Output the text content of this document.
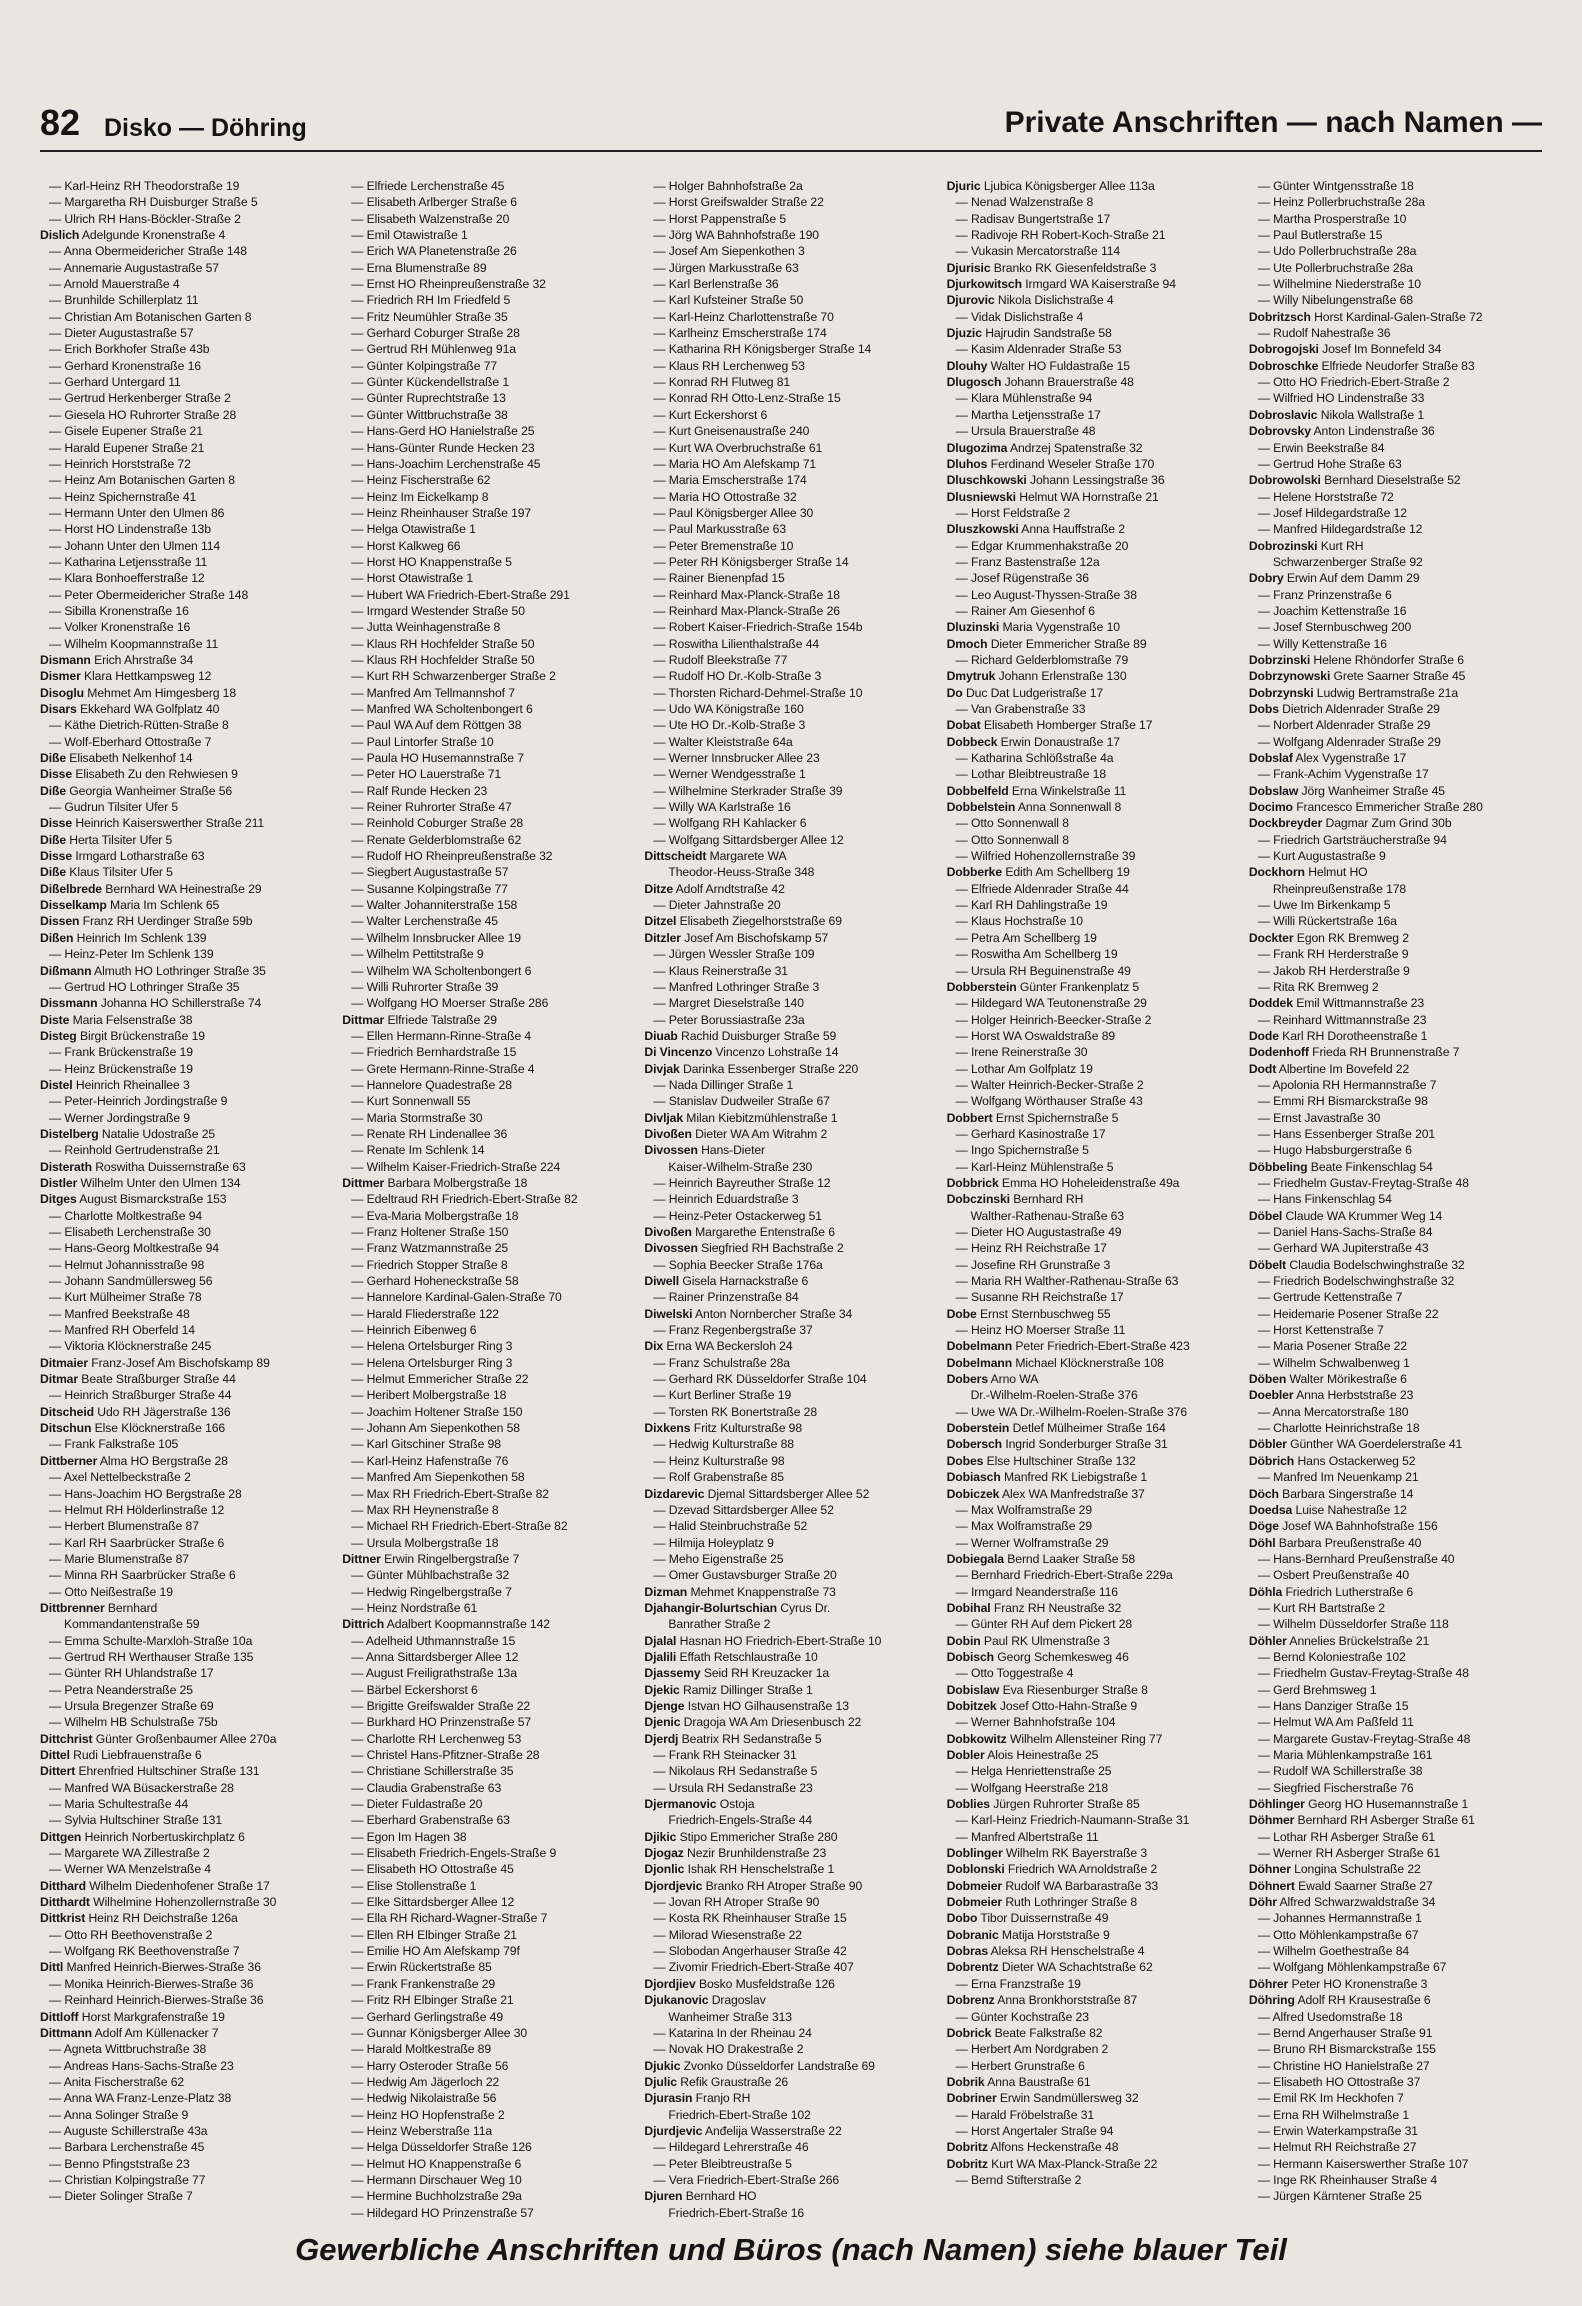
82 Disko — Döhring	Private Anschriften — nach Namen —
— Karl-Heinz RH Theodorstraße 19
— Margaretha RH Duisburger Straße 5
— Ulrich RH Hans-Böckler-Straße 2
Dislich Adelgunde Kronenstraße 4
— Anna Obermeidericher Straße 148
— Annemarie Augustastraße 57
— Arnold Mauerstraße 4
— Brunhilde Schillerplatz 11
— Christian Am Botanischen Garten 8
— Dieter Augustastraße 57
— Erich Borkhofer Straße 43b
— Gerhard Kronenstraße 16
— Gerhard Untergard 11
— Gertrud Herkenberger Straße 2
— Giesela HO Ruhrorter Straße 28
— Gisele Eupener Straße 21
— Harald Eupener Straße 21
— Heinrich Horststraße 72
— Heinz Am Botanischen Garten 8
— Heinz Spichernstraße 41
— Hermann Unter den Ulmen 86
— Horst HO Lindenstraße 13b
— Johann Unter den Ulmen 114
— Katharina Letjensstraße 11
— Klara Bonhoefferstraße 12
— Peter Obermeidericher Straße 148
— Sibilla Kronenstraße 16
— Volker Kronenstraße 16
— Wilhelm Koopmannstraße 11
Dismann Erich Ahrstraße 34
Dismer Klara Hettkampsweg 12
Disoglu Mehmet Am Himgesberg 18
Disars Ekkehard WA Golfplatz 40
— Käthe Dietrich-Rütten-Straße 8
— Wolf-Eberhard Ottostraße 7
Diße Elisabeth Nelkenhof 14
Disse Elisabeth Zu den Rehwiesen 9
Diße Georgia Wanheimer Straße 56
— Gudrun Tilsiter Ufer 5
Disse Heinrich Kaiserswerther Straße 211
Diße Herta Tilsiter Ufer 5
Disse Irmgard Lotharstraße 63
Diße Klaus Tilsiter Ufer 5
Dißelbrede Bernhard WA Heinestraße 29
Disselkamp Maria Im Schlenk 65
Dissen Franz RH Uerdinger Straße 59b
Dißen Heinrich Im Schlenk 139
— Heinz-Peter Im Schlenk 139
Dißmann Almuth HO Lothringer Straße 35
— Gertrud HO Lothringer Straße 35
Dissmann Johanna HO Schillerstraße 74
Diste Maria Felsenstraße 38
Disteg Birgit Brückenstraße 19
— Frank Brückenstraße 19
— Heinz Brückenstraße 19
Distel Heinrich Rheinallee 3
— Peter-Heinrich Jordingstraße 9
— Werner Jordingstraße 9
Distelberg Natalie Udostraße 25
— Reinhold Gertrudenstraße 21
Disterath Roswitha Duissernstraße 63
Distler Wilhelm Unter den Ulmen 134
Ditges August Bismarckstraße 153
— Charlotte Moltkestraße 94
— Elisabeth Lerchenstraße 30
— Hans-Georg Moltkestraße 94
— Helmut Johannisstraße 98
— Johann Sandmüllersweg 56
— Kurt Mülheimer Straße 78
— Manfred Beekstraße 48
— Manfred RH Oberfeld 14
— Viktoria Klöcknerstraße 245
Ditmaier Franz-Josef Am Bischofskamp 89
Ditmar Beate Straßburger Straße 44
— Heinrich Straßburger Straße 44
Ditscheid Udo RH Jägerstraße 136
Ditschun Else Klöcknerstraße 166
— Frank Falkstraße 105
Dittberner Alma HO Bergstraße 28
— Axel Nettelbeckstraße 2
— Hans-Joachim HO Bergstraße 28
— Helmut RH Hölderlinstraße 12
— Herbert Blumenstraße 87
— Karl RH Saarbrücker Straße 6
— Marie Blumenstraße 87
— Minna RH Saarbrücker Straße 6
— Otto Neißestraße 19
Dittbrenner Bernhard
Kommandantenstraße 59
— Emma Schulte-Marxloh-Straße 10a
— Gertrud RH Werthauser Straße 135
— Günter RH Uhlandstraße 17
— Petra Neanderstraße 25
— Ursula Bregenzer Straße 69
— Wilhelm HB Schulstraße 75b
Dittchrist Günter Großenbaumer Allee 270a
Dittel Rudi Liebfrauenstraße 6
Dittert Ehrenfried Hultschiner Straße 131
— Manfred WA Büsackerstraße 28
— Maria Schultestraße 44
— Sylvia Hultschiner Straße 131
Dittgen Heinrich Norbertuskirchplatz 6
— Margarete WA Zillestraße 2
— Werner WA Menzelstraße 4
Ditthard Wilhelm Diedenhofener Straße 17
Ditthardt Wilhelmine Hohenzollernstraße 30
Dittkrist Heinz RH Deichstraße 126a
— Otto RH Beethovenstraße 2
— Wolfgang RK Beethovenstraße 7
Dittl Manfred Heinrich-Bierwes-Straße 36
— Monika Heinrich-Bierwes-Straße 36
— Reinhard Heinrich-Bierwes-Straße 36
Dittloff Horst Markgrafenstraße 19
Dittmann Adolf Am Küllenacker 7
— Agneta Wittbruchstraße 38
— Andreas Hans-Sachs-Straße 23
— Anita Fischerstraße 62
— Anna WA Franz-Lenze-Platz 38
— Anna Solinger Straße 9
— Auguste Schillerstraße 43a
— Barbara Lerchenstraße 45
— Benno Pfingststraße 23
— Christian Kolpingstraße 77
— Dieter Solinger Straße 7
— Elfriede Lerchenstraße 45
— Elisabeth Arlberger Straße 6
— Elisabeth Walzenstraße 20
— Emil Otawistraße 1
— Erich WA Planetenstraße 26
— Erna Blumenstraße 89
— Ernst HO Rheinpreußenstraße 32
— Friedrich RH Im Friedfeld 5
— Fritz Neumühler Straße 35
— Gerhard Coburger Straße 28
— Gertrud RH Mühlenweg 91a
— Günter Kolpingstraße 77
— Günter Kückendellstraße 1
— Günter Ruprechtstraße 13
— Günter Wittbruchstraße 38
— Hans-Gerd HO Hanielstraße 25
— Hans-Günter Runde Hecken 23
— Hans-Joachim Lerchenstraße 45
— Heinz Fischerstraße 62
— Heinz Im Eickelkamp 8
— Heinz Rheinhauser Straße 197
— Helga Otawistraße 1
— Horst Kalkweg 66
— Horst HO Knappenstraße 5
— Horst Otawistraße 1
— Hubert WA Friedrich-Ebert-Straße 291
— Irmgard Westender Straße 50
— Jutta Weinhagenstraße 8
— Klaus RH Hochfelder Straße 50
— Klaus RH Hochfelder Straße 50
— Kurt RH Schwarzenberger Straße 2
— Manfred Am Tellmannshof 7
— Manfred WA Scholtenbongert 6
— Paul WA Auf dem Röttgen 38
— Paul Lintorfer Straße 10
— Paula HO Husemannstraße 7
— Peter HO Lauerstraße 71
— Ralf Runde Hecken 23
— Reiner Ruhrorter Straße 47
— Reinhold Coburger Straße 28
— Renate Gelderblomstraße 62
— Rudolf HO Rheinpreußenstraße 32
— Siegbert Augustastraße 57
— Susanne Kolpingstraße 77
— Walter Johanniterstraße 158
— Walter Lerchenstraße 45
— Wilhelm Innsbrucker Allee 19
— Wilhelm Pettitstraße 9
— Wilhelm WA Scholtenbongert 6
— Willi Ruhrorter Straße 39
— Wolfgang HO Moerser Straße 286
Dittmar Elfriede Talstraße 29
— Ellen Hermann-Rinne-Straße 4
— Friedrich Bernhardstraße 15
— Grete Hermann-Rinne-Straße 4
— Hannelore Quadestraße 28
— Kurt Sonnenwall 55
— Maria Stormstraße 30
— Renate RH Lindenallee 36
— Renate Im Schlenk 14
— Wilhelm Kaiser-Friedrich-Straße 224
Dittmer Barbara Molbergstraße 18
— Edeltraud RH Friedrich-Ebert-Straße 82
— Eva-Maria Molbergstraße 18
— Franz Holtener Straße 150
— Franz Watzmannstraße 25
— Friedrich Stopper Straße 8
— Gerhard Hoheneckstraße 58
— Hannelore Kardinal-Galen-Straße 70
— Harald Fliederstraße 122
— Heinrich Eibenweg 6
— Helena Ortelsburger Ring 3
— Helena Ortelsburger Ring 3
— Helmut Emmericher Straße 22
— Heribert Molbergstraße 18
— Joachim Holtener Straße 150
— Johann Am Siepenkothen 58
— Karl Gitschiner Straße 98
— Karl-Heinz Hafenstraße 76
— Manfred Am Siepenkothen 58
— Max RH Friedrich-Ebert-Straße 82
— Max RH Heynenstraße 8
— Michael RH Friedrich-Ebert-Straße 82
— Ursula Molbergstraße 18
Dittner Erwin Ringelbergstraße 7
— Günter Mühlbachstraße 32
— Hedwig Ringelbergstraße 7
— Heinz Nordstraße 61
Dittrich Adalbert Koopmannstraße 142
— Adelheid Uthmannstraße 15
— Anna Sittardsberger Allee 12
— August Freiligrathstraße 13a
— Bärbel Eckershorst 6
— Brigitte Greifswalder Straße 22
— Burkhard HO Prinzenstraße 57
— Charlotte RH Lerchenweg 53
— Christel Hans-Pfitzner-Straße 28
— Christiane Schillerstraße 35
— Claudia Grabenstraße 63
— Dieter Fuldastraße 20
— Eberhard Grabenstraße 63
— Egon Im Hagen 38
— Elisabeth Friedrich-Engels-Straße 9
— Elisabeth HO Ottostraße 45
— Elise Stollenstraße 1
— Elke Sittardsberger Allee 12
— Ella RH Richard-Wagner-Straße 7
— Ellen RH Elbinger Straße 21
— Emilie HO Am Alefskamp 79f
— Erwin Rückertstraße 85
— Frank Frankenstraße 29
— Fritz RH Elbinger Straße 21
— Gerhard Gerlingstraße 49
— Gunnar Königsberger Allee 30
— Harald Moltkestraße 89
— Harry Osteroder Straße 56
— Hedwig Am Jägerloch 22
— Hedwig Nikolaistraße 56
— Heinz HO Hopfenstraße 2
— Heinz Weberstraße 11a
— Helga Düsseldorfer Straße 126
— Helmut HO Knappenstraße 6
— Hermann Dirschauer Weg 10
— Hermine Buchholzstraße 29a
— Hildegard HO Prinzenstraße 57
— Holger Bahnhofstraße 2a
— Horst Greifswalder Straße 22
— Horst Pappenstraße 5
— Jörg WA Bahnhofstraße 190
— Josef Am Siepenkothen 3
— Jürgen Markusstraße 63
— Karl Berlenstraße 36
— Karl Kufsteiner Straße 50
— Karl-Heinz Charlottenstraße 70
— Karlheinz Emscherstraße 174
— Katharina RH Königsberger Straße 14
— Klaus RH Lerchenweg 53
— Konrad RH Flutweg 81
— Konrad RH Otto-Lenz-Straße 15
— Kurt Eckershorst 6
— Kurt Gneisenaustraße 240
— Kurt WA Overbruchstraße 61
— Maria HO Am Alefskamp 71
— Maria Emscherstraße 174
— Maria HO Ottostraße 32
— Paul Königsberger Allee 30
— Paul Markusstraße 63
— Peter Bremenstraße 10
— Peter RH Königsberger Straße 14
— Rainer Bienenpfad 15
— Reinhard Max-Planck-Straße 18
— Reinhard Max-Planck-Straße 26
— Robert Kaiser-Friedrich-Straße 154b
— Roswitha Lilienthalstraße 44
— Rudolf Bleekstraße 77
— Rudolf HO Dr.-Kolb-Straße 3
— Thorsten Richard-Dehmel-Straße 10
— Udo WA Königstraße 160
— Ute HO Dr.-Kolb-Straße 3
— Walter Kleiststraße 64a
— Werner Innsbrucker Allee 23
— Werner Wendgesstraße 1
— Wilhelmine Sterkrader Straße 39
— Willy WA Karlstraße 16
— Wolfgang RH Kahlacker 6
— Wolfgang Sittardsberger Allee 12
Dittscheidt Margarete WA
Theodor-Heuss-Straße 348
Ditze Adolf Arndtstraße 42
— Dieter Jahnstraße 20
Ditzel Elisabeth Ziegelhorststraße 69
Ditzler Josef Am Bischofskamp 57
— Jürgen Wessler Straße 109
— Klaus Reinerstraße 31
— Manfred Lothringer Straße 3
— Margret Dieselstraße 140
— Peter Borussiastraße 23a
Diuab Rachid Duisburger Straße 59
Di Vincenzo Vincenzo Lohstraße 14
Divjak Darinka Essenberger Straße 220
— Nada Dillinger Straße 1
— Stanislav Dudweiler Straße 67
Divljak Milan Kiebitzmühlenstraße 1
Divoßen Dieter WA Am Witrahm 2
Divossen Hans-Dieter
Kaiser-Wilhelm-Straße 230
— Heinrich Bayreuther Straße 12
— Heinrich Eduardstraße 3
— Heinz-Peter Ostackerweg 51
Divoßen Margarethe Entenstraße 6
Divossen Siegfried RH Bachstraße 2
— Sophia Beecker Straße 176a
Diwell Gisela Harnackstraße 6
— Rainer Prinzenstraße 84
Diwelski Anton Nornbercher Straße 34
— Franz Regenbergstraße 37
Dix Erna WA Beckersloh 24
— Franz Schulstraße 28a
— Gerhard RK Düsseldorfer Straße 104
— Kurt Berliner Straße 19
— Torsten RK Bonertstraße 28
Dixkens Fritz Kulturstraße 98
— Hedwig Kulturstraße 88
— Heinz Kulturstraße 98
— Rolf Grabenstraße 85
Dizdarevic Djemal Sittardsberger Allee 52
— Dzevad Sittardsberger Allee 52
— Halid Steinbruchstraße 52
— Hilmija Holeyplatz 9
— Meho Eigenstraße 25
— Omer Gustavsburger Straße 20
Dizman Mehmet Knappenstraße 73
Djahangir-Bolurtschian Cyrus Dr.
Banrather Straße 2
Djalal Hasnan HO Friedrich-Ebert-Straße 10
Djalili Effath Retschlaustraße 10
Djassemy Seid RH Kreuzacker 1a
Djekic Ramiz Dillinger Straße 1
Djenge Istvan HO Gilhausenstraße 13
Djenic Dragoja WA Am Driesenbusch 22
Djerdj Beatrix RH Sedanstraße 5
— Frank RH Steinacker 31
— Nikolaus RH Sedanstraße 5
— Ursula RH Sedanstraße 23
Djermanovic Ostoja
Friedrich-Engels-Straße 44
Djikic Stipo Emmericher Straße 280
Djogaz Nezir Brunhildenstraße 23
Djonlic Ishak RH Henschelstraße 1
Djordjevic Branko RH Atroper Straße 90
— Jovan RH Atroper Straße 90
— Kosta RK Rheinhauser Straße 15
— Milorad Wiesenstraße 22
— Slobodan Angerhauser Straße 42
— Zivomir Friedrich-Ebert-Straße 407
Djordjiev Bosko Musfeldstraße 126
Djukanovic Dragoslav
Wanheimer Straße 313
— Katarina In der Rheinau 24
— Novak HO Drakestraße 2
Djukic Zvonko Düsseldorfer Landstraße 69
Djulic Refik Graustraße 26
Djurasin Franjo RH
Friedrich-Ebert-Straße 102
Djurdjevic Anđelija Wasserstraße 22
— Hildegard Lehrerstraße 46
— Peter Bleibtreustraße 5
— Vera Friedrich-Ebert-Straße 266
Djuren Bernhard HO
Friedrich-Ebert-Straße 16
Djuric Ljubica Königsberger Allee 113a
— Nenad Walzenstraße 8
— Radisav Bungertstraße 17
— Radivoje RH Robert-Koch-Straße 21
— Vukasin Mercatorstraße 114
Djurisic Branko RK Giesenfeldstraße 3
Djurkowitsch Irmgard WA Kaiserstraße 94
Djurovic Nikola Dislichstraße 4
— Vidak Dislichstraße 4
Djuzic Hajrudin Sandstraße 58
— Kasim Aldenrader Straße 53
Dlouhy Walter HO Fuldastraße 15
Dlugosch Johann Brauerstraße 48
— Klara Mühlenstraße 94
— Martha Letjensstraße 17
— Ursula Brauerstraße 48
Dlugozima Andrzej Spatenstraße 32
Dluhos Ferdinand Weseler Straße 170
Dluschkowski Johann Lessingstraße 36
Dlusniewski Helmut WA Hornstraße 21
— Horst Feldstraße 2
Dluszkowski Anna Hauffstraße 2
— Edgar Krummenhakstraße 20
— Franz Bastenstraße 12a
— Josef Rügenstraße 36
— Leo August-Thyssen-Straße 38
— Rainer Am Giesenhof 6
Dluzinski Maria Vygenstraße 10
Dmoch Dieter Emmericher Straße 89
— Richard Gelderblomstraße 79
Dmytruk Johann Erlenstraße 130
Do Duc Dat Ludgeristraße 17
— Van Grabenstraße 33
Dobat Elisabeth Homberger Straße 17
Dobbeck Erwin Donaustraße 17
— Katharina Schlößstraße 4a
— Lothar Bleibtreustraße 18
Dobbelfeld Erna Winkelstraße 11
Dobbelstein Anna Sonnenwall 8
— Otto Sonnenwall 8
— Otto Sonnenwall 8
— Wilfried Hohenzollernstraße 39
Dobberke Edith Am Schellberg 19
— Elfriede Aldenrader Straße 44
— Karl RH Dahlingstraße 19
— Klaus Hochstraße 10
— Petra Am Schellberg 19
— Roswitha Am Schellberg 19
— Ursula RH Beguinenstraße 49
Dobberstein Günter Frankenplatz 5
— Hildegard WA Teutonenstraße 29
— Holger Heinrich-Beecker-Straße 2
— Horst WA Oswaldstraße 89
— Irene Reinerstraße 30
— Lothar Am Golfplatz 19
— Walter Heinrich-Becker-Straße 2
— Wolfgang Wörthauser Straße 43
Dobbert Ernst Spichernstraße 5
— Gerhard Kasinostraße 17
— Ingo Spichernstraße 5
— Karl-Heinz Mühlenstraße 5
Dobbrick Emma HO Hoheleidenstraße 49a
Dobczinski Bernhard RH
Walther-Rathenau-Straße 63
— Dieter HO Augustastraße 49
— Heinz RH Reichstraße 17
— Josefine RH Grunstraße 3
— Maria RH Walther-Rathenau-Straße 63
— Susanne RH Reichstraße 17
Dobe Ernst Sternbuschweg 55
— Heinz HO Moerser Straße 11
Dobelmann Peter Friedrich-Ebert-Straße 423
Dobelmann Michael Klöcknerstraße 108
Dobers Arno WA
Dr.-Wilhelm-Roelen-Straße 376
— Uwe WA Dr.-Wilhelm-Roelen-Straße 376
Doberstein Detlef Mülheimer Straße 164
Dobersch Ingrid Sonderburger Straße 31
Dobes Else Hultschiner Straße 132
Dobiasch Manfred RK Liebigstraße 1
Dobiczek Alex WA Manfredstraße 37
— Max Wolframstraße 29
— Max Wolframstraße 29
— Werner Wolframstraße 29
Dobiegala Bernd Laaker Straße 58
— Bernhard Friedrich-Ebert-Straße 229a
— Irmgard Neanderstraße 116
Dobihal Franz RH Neustraße 32
— Günter RH Auf dem Pickert 28
Dobin Paul RK Ulmenstraße 3
Dobisch Georg Schemkesweg 46
— Otto Toggestraße 4
Dobislaw Eva Riesenburger Straße 8
Dobitzek Josef Otto-Hahn-Straße 9
— Werner Bahnhofstraße 104
Dobkowitz Wilhelm Allensteiner Ring 77
Dobler Alois Heinestraße 25
— Helga Henriettenstraße 25
— Wolfgang Heerstraße 218
Doblies Jürgen Ruhrorter Straße 85
— Karl-Heinz Friedrich-Naumann-Straße 31
— Manfred Albertstraße 11
Doblinger Wilhelm RK Bayerstraße 3
Doblonski Friedrich WA Arnoldstraße 2
Dobmeier Rudolf WA Barbarastraße 33
Dobmeier Ruth Lothringer Straße 8
Dobo Tibor Duissernstraße 49
Dobranic Matija Horststraße 9
Dobras Aleksa RH Henschelstraße 4
Dobrentz Dieter WA Schachtstraße 62
— Erna Franzstraße 19
Dobrenz Anna Bronkhorststraße 87
— Günter Kochstraße 23
Dobrick Beate Falkstraße 82
— Herbert Am Nordgraben 2
— Herbert Grunstraße 6
Dobrik Anna Baustraße 61
Dobriner Erwin Sandmüllersweg 32
— Harald Fröbelstraße 31
— Horst Angertaler Straße 94
Dobritz Alfons Heckenstraße 48
Dobritz Kurt WA Max-Planck-Straße 22
— Bernd Stifterstraße 2
— Günter Wintgensstraße 18
— Heinz Pollerbruchstraße 28a
— Martha Prosperstraße 10
— Paul Butlerstraße 15
— Udo Pollerbruchstraße 28a
— Ute Pollerbruchstraße 28a
— Wilhelmine Niederstraße 10
— Willy Nibelungenstraße 68
Dobritzsch Horst Kardinal-Galen-Straße 72
— Rudolf Nahestraße 36
Dobrogojski Josef Im Bonnefeld 34
Dobroschke Elfriede Neudorfer Straße 83
— Otto HO Friedrich-Ebert-Straße 2
— Wilfried HO Lindenstraße 33
Dobroslavic Nikola Wallstraße 1
Dobrovsky Anton Lindenstraße 36
— Erwin Beekstraße 84
— Gertrud Hohe Straße 63
Dobrowolski Bernhard Dieselstraße 52
— Helene Horststraße 72
— Josef Hildegardstraße 12
— Manfred Hildegardstraße 12
Dobrozinski Kurt RH
Schwarzenberger Straße 92
Dobry Erwin Auf dem Damm 29
— Franz Prinzenstraße 6
— Joachim Kettenstraße 16
— Josef Sternbuschweg 200
— Willy Kettenstraße 16
Dobrzinski Helene Rhöndorfer Straße 6
Dobrzynowski Grete Saarner Straße 45
Dobrzynski Ludwig Bertramstraße 21a
Dobs Dietrich Aldenrader Straße 29
— Norbert Aldenrader Straße 29
— Wolfgang Aldenrader Straße 29
Dobslaf Alex Vygenstraße 17
— Frank-Achim Vygenstraße 17
Dobslaw Jörg Wanheimer Straße 45
Docimo Francesco Emmericher Straße 280
Dockbreyder Dagmar Zum Grind 30b
— Friedrich Gartsträucherstraße 94
— Kurt Augustastraße 9
Dockhorn Helmut HO
Rheinpreußenstraße 178
— Uwe Im Birkenkamp 5
— Willi Rückertstraße 16a
Dockter Egon RK Bremweg 2
— Frank RH Herderstraße 9
— Jakob RH Herderstraße 9
— Rita RK Bremweg 2
Doddek Emil Wittmannstraße 23
— Reinhard Wittmannstraße 23
Dode Karl RH Dorotheenstraße 1
Dodenhoff Frieda RH Brunnenstraße 7
Dodt Albertine Im Bovefeld 22
— Apolonia RH Hermannstraße 7
— Emmi RH Bismarckstraße 98
— Ernst Javastraße 30
— Hans Essenberger Straße 201
— Hugo Habsburgerstraße 6
Döbbeling Beate Finkenschlag 54
— Friedhelm Gustav-Freytag-Straße 48
— Hans Finkenschlag 54
Döbel Claude WA Krummer Weg 14
— Daniel Hans-Sachs-Straße 84
— Gerhard WA Jupiterstraße 43
Döbelt Claudia Bodelschwinghstraße 32
— Friedrich Bodelschwinghstraße 32
— Gertrude Kettenstraße 7
— Heidemarie Posener Straße 22
— Horst Kettenstraße 7
— Maria Posener Straße 22
— Wilhelm Schwalbenweg 1
Döben Walter Mörikestraße 6
Doebler Anna Herbststraße 23
— Anna Mercatorstraße 180
— Charlotte Heinrichstraße 18
Döbler Günther WA Goerdelerstraße 41
Döbrich Hans Ostackerweg 52
— Manfred Im Neuenkamp 21
Döch Barbara Singerstraße 14
Doedsa Luise Nahestraße 12
Döge Josef WA Bahnhofstraße 156
Döhl Barbara Preußenstraße 40
— Hans-Bernhard Preußenstraße 40
— Osbert Preußenstraße 40
Döhla Friedrich Lutherstraße 6
— Kurt RH Bartstraße 2
— Wilhelm Düsseldorfer Straße 118
Döhler Annelies Brückelstraße 21
— Bernd Koloniestraße 102
— Friedhelm Gustav-Freytag-Straße 48
— Gerd Brehmsweg 1
— Hans Danziger Straße 15
— Helmut WA Am Paßfeld 11
— Margarete Gustav-Freytag-Straße 48
— Maria Mühlenkampstraße 161
— Rudolf WA Schillerstraße 38
— Siegfried Fischerstraße 76
Döhlinger Georg HO Husemannstraße 1
Döhmer Bernhard RH Asberger Straße 61
— Lothar RH Asberger Straße 61
— Werner RH Asberger Straße 61
Döhner Longina Schulstraße 22
Döhnert Ewald Saarner Straße 27
Döhr Alfred Schwarzwaldstraße 34
— Johannes Hermannstraße 1
— Otto Möhlenkampstraße 67
— Wilhelm Goethestraße 84
— Wolfgang Möhlenkampstraße 67
Döhrer Peter HO Kronenstraße 3
Döhring Adolf RH Krausestraße 6
— Alfred Usedomstraße 18
— Bernd Angerhauser Straße 91
— Bruno RH Bismarckstraße 155
— Christine HO Hanielstraße 27
— Elisabeth HO Ottostraße 37
— Emil RK Im Heckhofen 7
— Erna RH Wilhelmstraße 1
— Erwin Waterkampstraße 31
— Helmut RH Reichstraße 27
— Hermann Kaiserswerther Straße 107
— Inge RK Rheinhauser Straße 4
— Jürgen Kärntener Straße 25
Gewerbliche Anschriften und Büros (nach Namen) siehe blauer Teil
